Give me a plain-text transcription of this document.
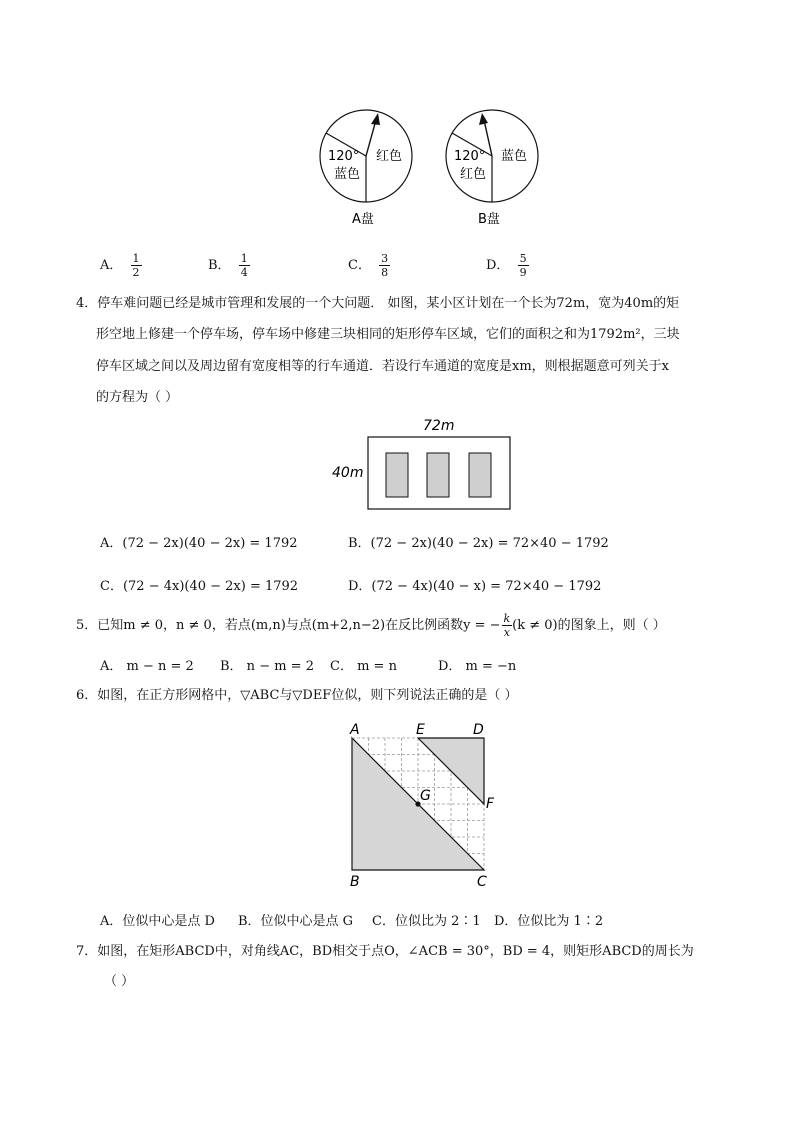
120°
蓝色
红色
A盘
120°
红色
蓝色
B盘
A． $\frac{1}{2}$	B． $\frac{1}{4}$	C． $\frac{3}{8}$	D． $\frac{5}{9}$
4．停车难问题已经是城市管理和发展的一个大问题． 如图，某小区计划在一个长为72m，宽为40m的矩
形空地上修建一个停车场，停车场中修建三块相同的矩形停车区域，它们的面积之和为1792m²，三块
停车区域之间以及周边留有宽度相等的行车通道．若设行车通道的宽度是xm，则根据题意可列关于x
的方程为（ ）
72m
40m
A．(72 − 2x)(40 − 2x) = 1792	B．(72 − 2x)(40 − 2x) = 72×40 − 1792
C．(72 − 4x)(40 − 2x) = 1792	D．(72 − 4x)(40 − x) = 72×40 − 1792
5．已知m ≠ 0，n ≠ 0，若点(m,n)与点(m+2,n−2)在反比例函数y = − $\frac{k}{x} (k \ne 0)$的图象上，则（ ）
A． m − n = 2 B． n − m = 2 C． m = n	D． m = −n
6．如图，在正方形网格中，▽ABC与▽DEF位似，则下列说法正确的是（ ）
A	E	D
F
G
B	C
A．位似中心是点 D B．位似中心是点 G C．位似比为 2∶1 D．位似比为 1∶2
7．如图，在矩形ABCD中，对角线AC，BD相交于点O，∠ACB = 30°，BD = 4，则矩形ABCD的周长为
（ ）
